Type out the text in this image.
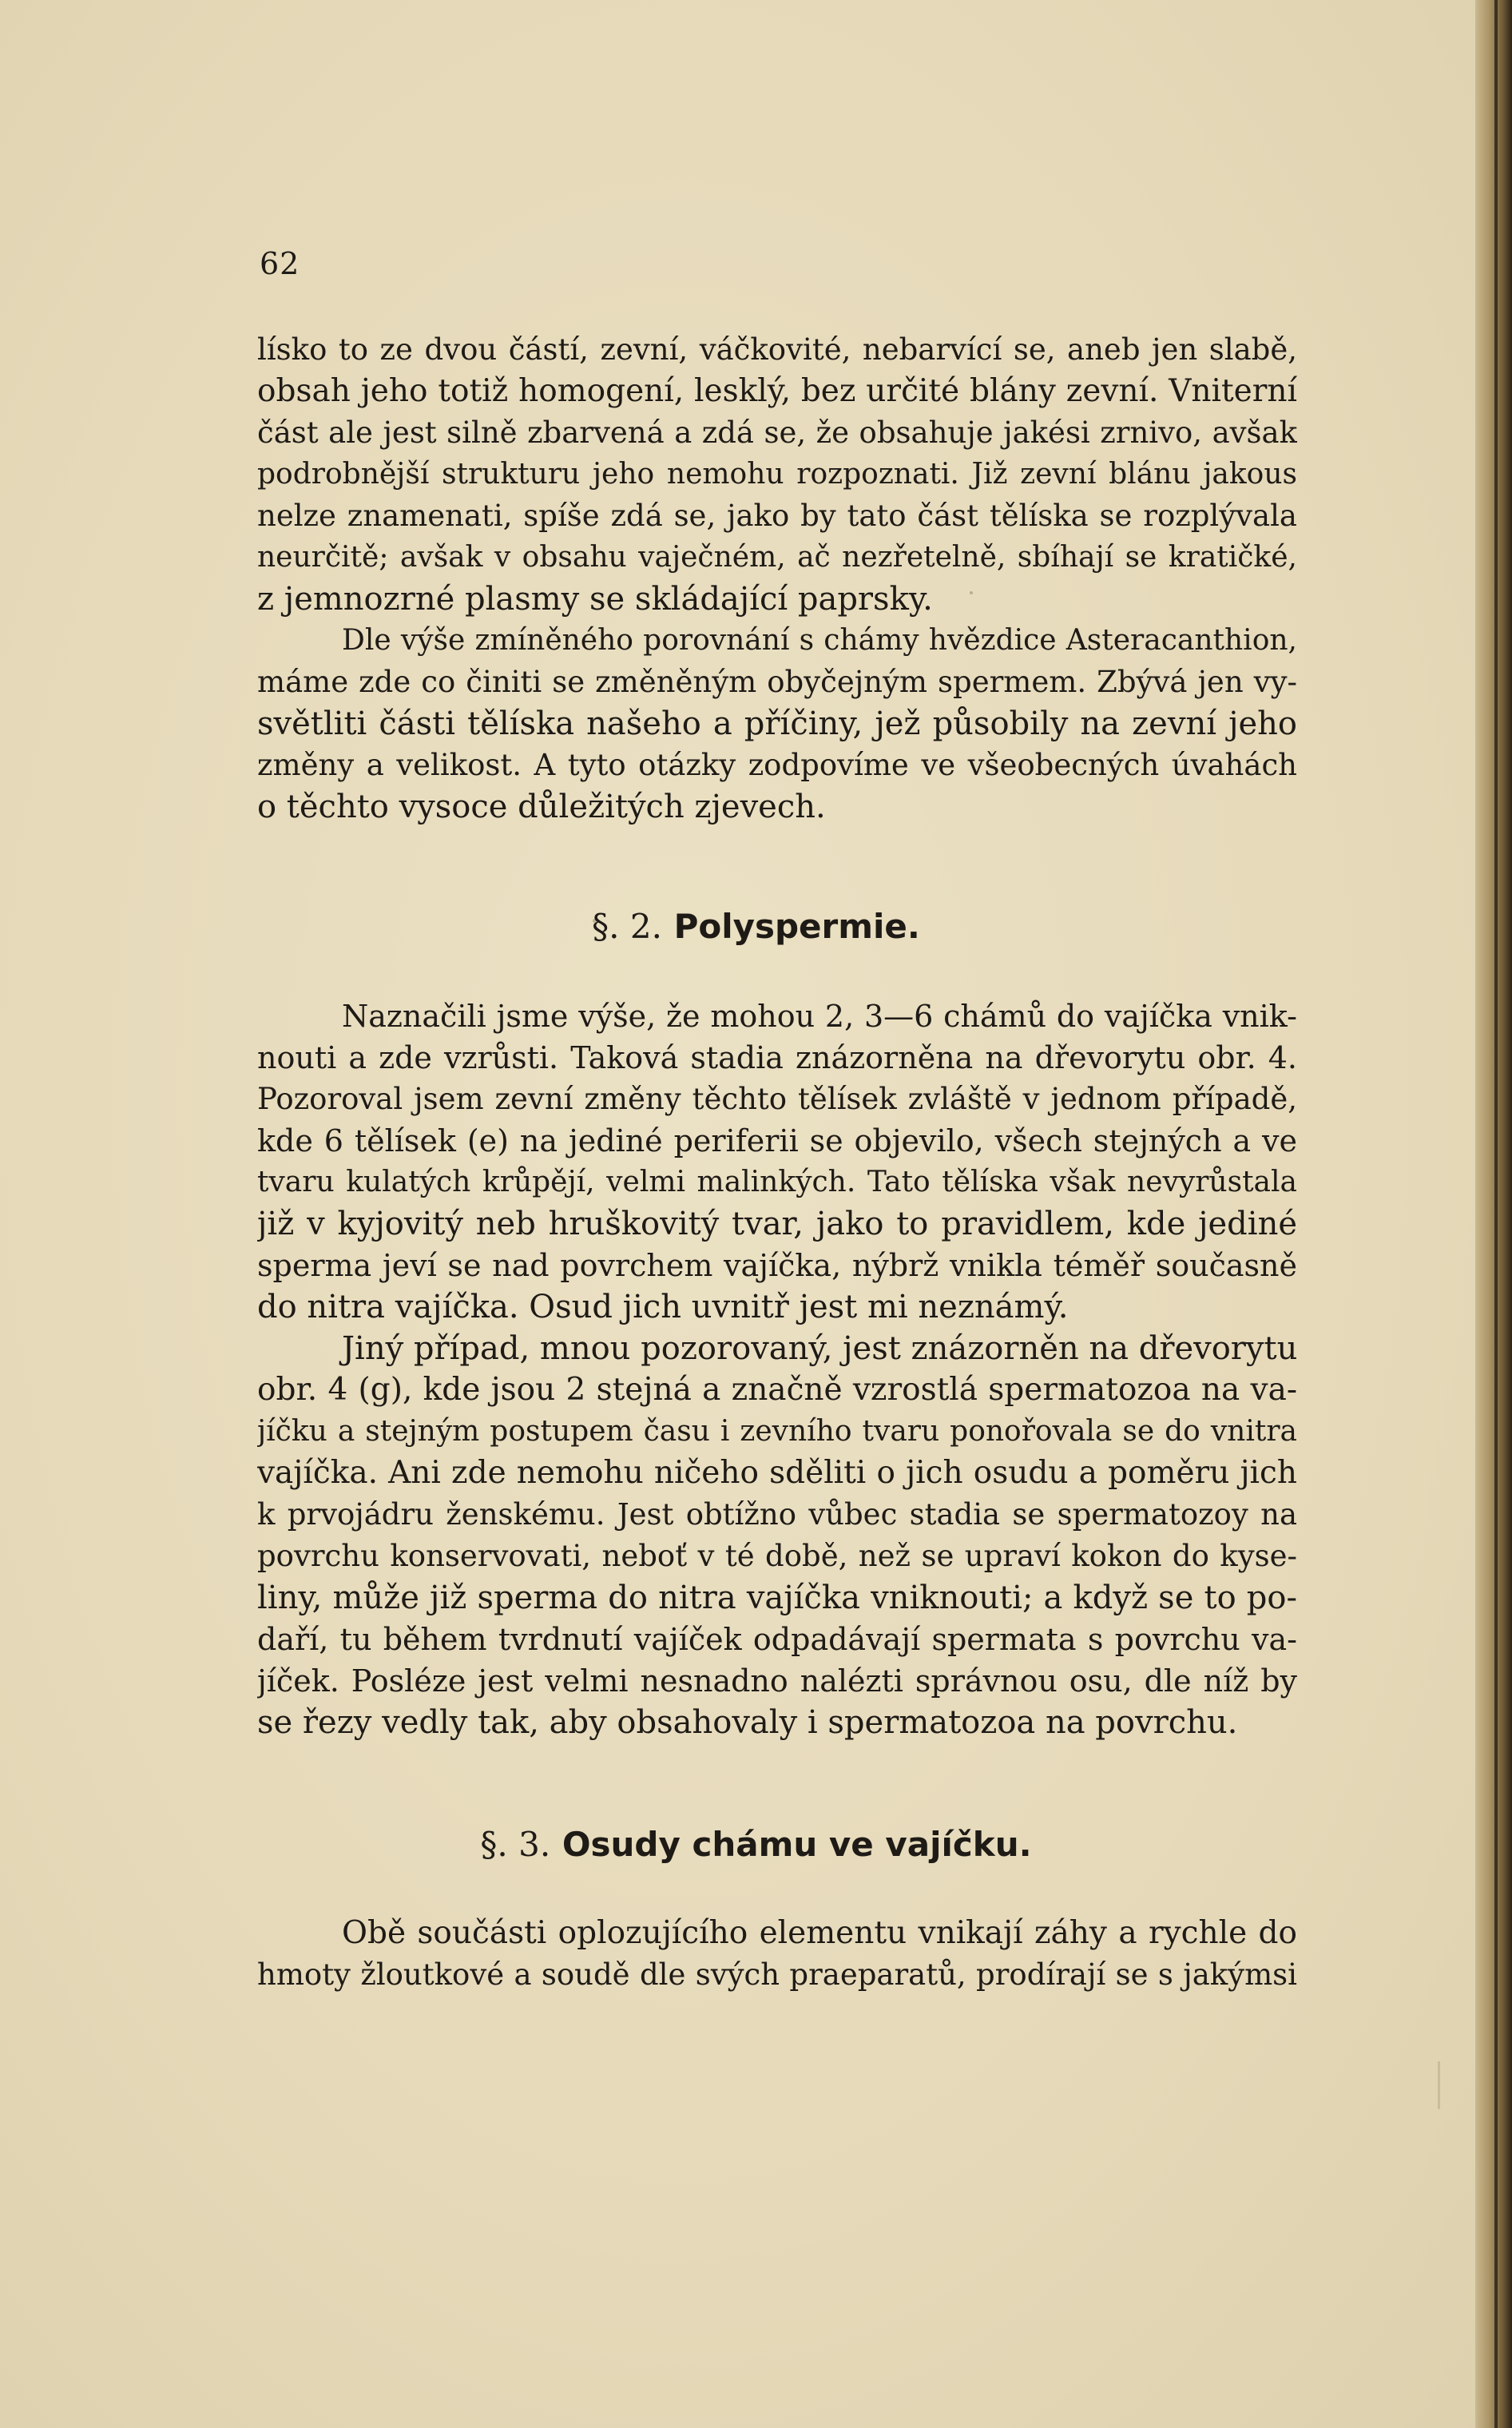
62
lísko to ze dvou částí, zevní, váčkovité, nebarvící se, aneb jen slabě,
obsah jeho totiž homogení, lesklý, bez určité blány zevní. Vniterní
část ale jest silně zbarvená a zdá se, že obsahuje jakési zrnivo, avšak
podrobnější strukturu jeho nemohu rozpoznati. Již zevní blánu jakous
nelze znamenati, spíše zdá se, jako by tato část tělíska se rozplývala
neurčitě; avšak v obsahu vaječném, ač nezřetelně, sbíhají se kratičké,
z jemnozrné plasmy se skládající paprsky.
Dle výše zmíněného porovnání s chámy hvězdice Asteracanthion,
máme zde co činiti se změněným obyčejným spermem. Zbývá jen vy-
světliti části tělíska našeho a příčiny, jež působily na zevní jeho
změny a velikost. A tyto otázky zodpovíme ve všeobecných úvahách
o těchto vysoce důležitých zjevech.
§. 2. Polyspermie.
Naznačili jsme výše, že mohou 2, 3—6 chámů do vajíčka vnik-
nouti a zde vzrůsti. Taková stadia znázorněna na dřevorytu obr. 4.
Pozoroval jsem zevní změny těchto tělísek zvláště v jednom případě,
kde 6 tělísek (e) na jediné periferii se objevilo, všech stejných a ve
tvaru kulatých krůpějí, velmi malinkých. Tato tělíska však nevyrůstala
již v kyjovitý neb hruškovitý tvar, jako to pravidlem, kde jediné
sperma jeví se nad povrchem vajíčka, nýbrž vnikla téměř současně
do nitra vajíčka. Osud jich uvnitř jest mi neznámý.
Jiný případ, mnou pozorovaný, jest znázorněn na dřevorytu
obr. 4 (g), kde jsou 2 stejná a značně vzrostlá spermatozoa na va-
jíčku a stejným postupem času i zevního tvaru ponořovala se do vnitra
vajíčka. Ani zde nemohu ničeho sděliti o jich osudu a poměru jich
k prvojádru ženskému. Jest obtížno vůbec stadia se spermatozoy na
povrchu konservovati, neboť v té době, než se upraví kokon do kyse-
liny, může již sperma do nitra vajíčka vniknouti; a když se to po-
daří, tu během tvrdnutí vajíček odpadávají spermata s povrchu va-
jíček. Posléze jest velmi nesnadno nalézti správnou osu, dle níž by
se řezy vedly tak, aby obsahovaly i spermatozoa na povrchu.
§. 3. Osudy chámu ve vajíčku.
Obě součásti oplozujícího elementu vnikají záhy a rychle do
hmoty žloutkové a soudě dle svých praeparatů, prodírají se s jakýmsi
